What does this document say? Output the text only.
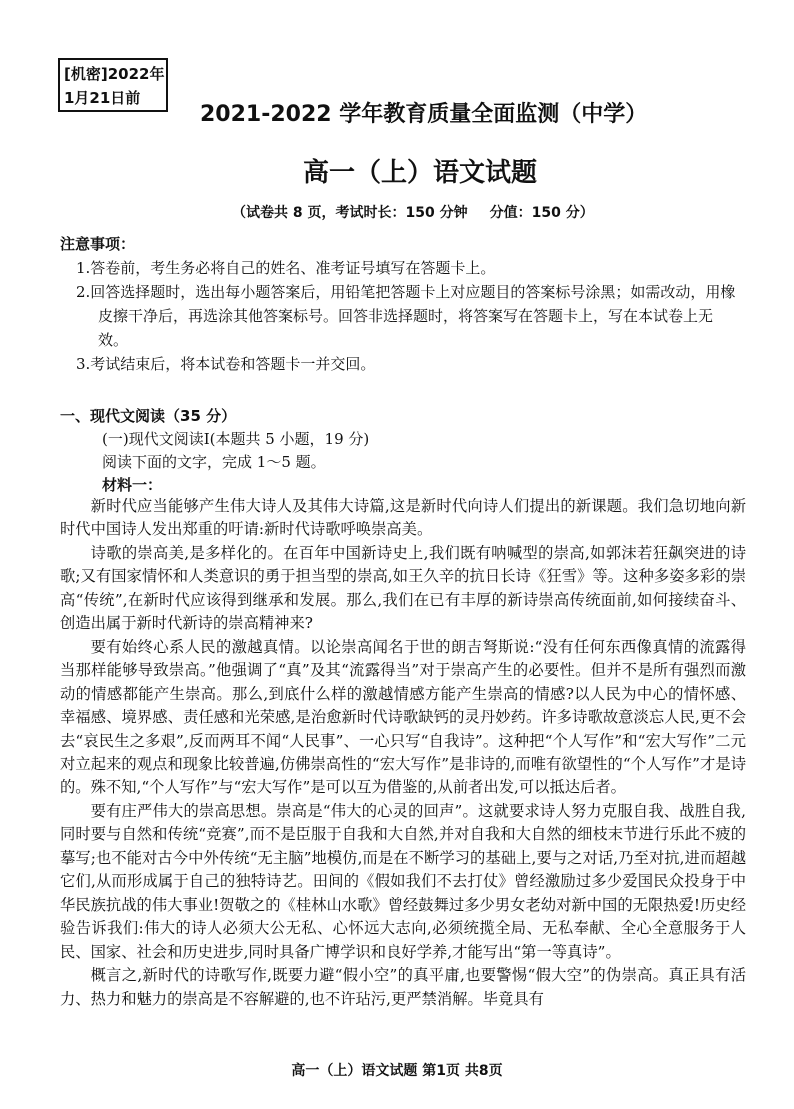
[机密]2022年
1月21日前
2021-2022 学年教育质量全面监测（中学）
高一（上）语文试题
（试卷共 8 页，考试时长：150 分钟 分值：150 分）
注意事项：
1.答卷前，考生务必将自己的姓名、准考证号填写在答题卡上。
2.回答选择题时，选出每小题答案后，用铅笔把答题卡上对应题目的答案标号涂黑；如需改动，用橡皮擦干净后，再选涂其他答案标号。回答非选择题时，将答案写在答题卡上，写在本试卷上无效。
3.考试结束后，将本试卷和答题卡一并交回。
一、现代文阅读（35 分）
(一)现代文阅读Ⅰ(本题共 5 小题，19 分)
阅读下面的文字，完成 1～5 题。
材料一：

新时代应当能够产生伟大诗人及其伟大诗篇,这是新时代向诗人们提出的新课题。我们急切地向新时代中国诗人发出郑重的吁请:新时代诗歌呼唤崇高美。

诗歌的崇高美,是多样化的。在百年中国新诗史上,我们既有呐喊型的崇高,如郭沫若狂飙突进的诗歌;又有国家情怀和人类意识的勇于担当型的崇高,如王久辛的抗日长诗《狂雪》等。这种多姿多彩的崇高“传统”,在新时代应该得到继承和发展。那么,我们在已有丰厚的新诗崇高传统面前,如何接续奋斗、创造出属于新时代新诗的崇高精神来?

要有始终心系人民的激越真情。以论崇高闻名于世的朗吉弩斯说:“没有任何东西像真情的流露得当那样能够导致崇高。”他强调了“真”及其“流露得当”对于崇高产生的必要性。但并不是所有强烈而激动的情感都能产生崇高。那么,到底什么样的激越情感方能产生崇高的情感?以人民为中心的情怀感、幸福感、境界感、责任感和光荣感,是治愈新时代诗歌缺钙的灵丹妙药。许多诗歌故意淡忘人民,更不会去“哀民生之多艰”,反而两耳不闻“人民事”、一心只写“自我诗”。这种把“个人写作”和“宏大写作”二元对立起来的观点和现象比较普遍,仿佛崇高性的“宏大写作”是非诗的,而唯有欲望性的“个人写作”才是诗的。殊不知,“个人写作”与“宏大写作”是可以互为借鉴的,从前者出发,可以抵达后者。

要有庄严伟大的崇高思想。崇高是“伟大的心灵的回声”。这就要求诗人努力克服自我、战胜自我,同时要与自然和传统“竞赛”,而不是臣服于自我和大自然,并对自我和大自然的细枝末节进行乐此不疲的摹写;也不能对古今中外传统“无主脑”地模仿,而是在不断学习的基础上,要与之对话,乃至对抗,进而超越它们,从而形成属于自己的独特诗艺。田间的《假如我们不去打仗》曾经激励过多少爱国民众投身于中华民族抗战的伟大事业!贺敬之的《桂林山水歌》曾经鼓舞过多少男女老幼对新中国的无限热爱!历史经验告诉我们:伟大的诗人必须大公无私、心怀远大志向,必须统揽全局、无私奉献、全心全意服务于人民、国家、社会和历史进步,同时具备广博学识和良好学养,才能写出“第一等真诗”。

概言之,新时代的诗歌写作,既要力避“假小空”的真平庸,也要警惕“假大空”的伪崇高。真正具有活力、热力和魅力的崇高是不容解避的,也不许玷污,更严禁消解。毕竟具有

高一（上）语文试题 第1页 共8页
